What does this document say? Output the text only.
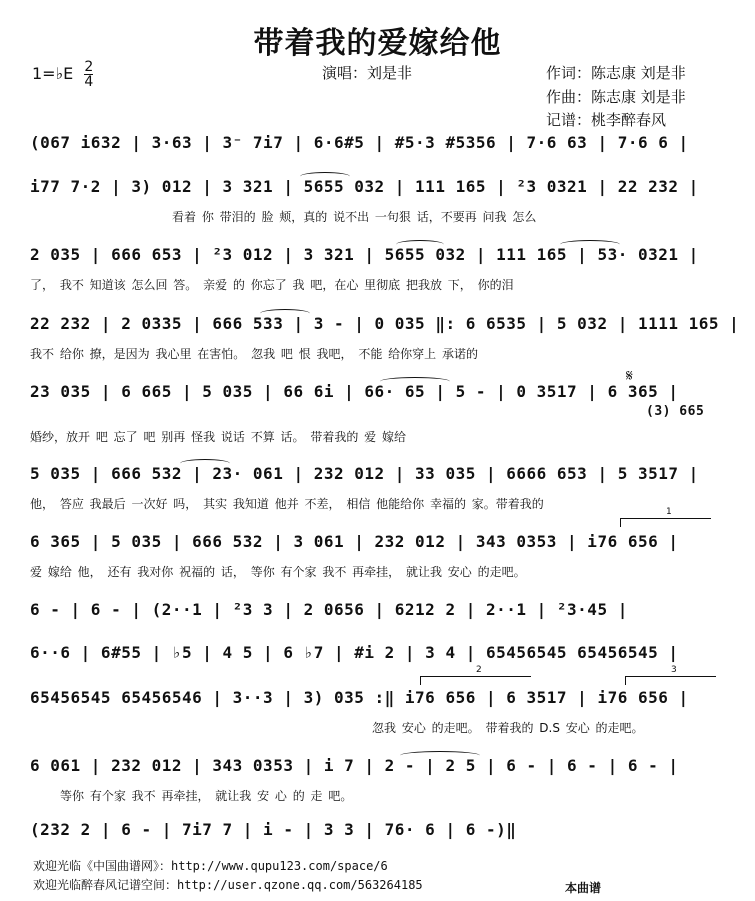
带着我的爱嫁给他
1=♭E $\frac{2}{4}$	演唱：刘是非	作词：陈志康 刘是非
作曲：陈志康 刘是非
记谱：桃李醉春风
(067 i632 | 3·63 | 3⁻ 7i7 | 6·6#5 | #5·3 #5356 | 7·6 63 | 7·6 6 |
i77 7·2 | 3) 012 | 3 321 | 5655 032 | 111 165 | ²3 0321 | 22 232 |
看着 你 带泪的 脸 颊，真的 说不出 一句狠 话，不要再 问我 怎么
2 035 | 666 653 | ²3 012 | 3 321 | 5655 032 | 111 165 | 53· 0321 |
了， 我不 知道该 怎么回 答。 亲爱 的 你忘了 我 吧，在心 里彻底 把我放 下， 你的泪
22 232 | 2 0335 | 666 533 | 3 - | 0 035 ‖: 6 6535 | 5 032 | 1111 165 |
我不 给你 撩，是因为 我心里 在害怕。 忽我 吧 恨 我吧， 不能 给你穿上 承诺的
23 035 | 6 665 | 5 035 | 66 6i | 66· 65 | 5 - | 0 3517 | 6 365 |
(3) 665
婚纱，放开 吧 忘了 吧 别再 怪我 说话 不算 话。 带着我的 爱 嫁给
𝄋
5 035 | 666 532 | 23· 061 | 232 012 | 33 035 | 6666 653 | 5 3517 |
他， 答应 我最后 一次好 吗， 其实 我知道 他并 不差， 相信 他能给你 幸福的 家。带着我的
1
6 365 | 5 035 | 666 532 | 3 061 | 232 012 | 343 0353 | i76 656 |
爱 嫁给 他， 还有 我对你 祝福的 话， 等你 有个家 我不 再牵挂， 就让我 安心 的走吧。
6 - | 6 - | (2··1 | ²3 3 | 2 0656 | 6212 2 | 2··1 | ²3·45 |
6··6 | 6#55 | ♭5 | 4 5 | 6 ♭7 | #i 2 | 3 4 | 65456545 65456545 |
2	3
65456545 65456546 | 3··3 | 3) 035 :‖ i76 656 | 6 3517 | i76 656 |
忽我 安心 的走吧。 带着我的 D.S 安心 的走吧。
6 061 | 232 012 | 343 0353 | i 7 | 2 - | 2 5 | 6 - | 6 - | 6 - |
等你 有个家 我不 再牵挂， 就让我 安 心 的 走 吧。
(232 2 | 6 - | 7i7 7 | i - | 3 3 | 76· 6 | 6 -)‖
欢迎光临《中国曲谱网》：http://www.qupu123.com/space/6
欢迎光临醉春风记谱空间：http://user.qzone.qq.com/563264185	本曲谱
